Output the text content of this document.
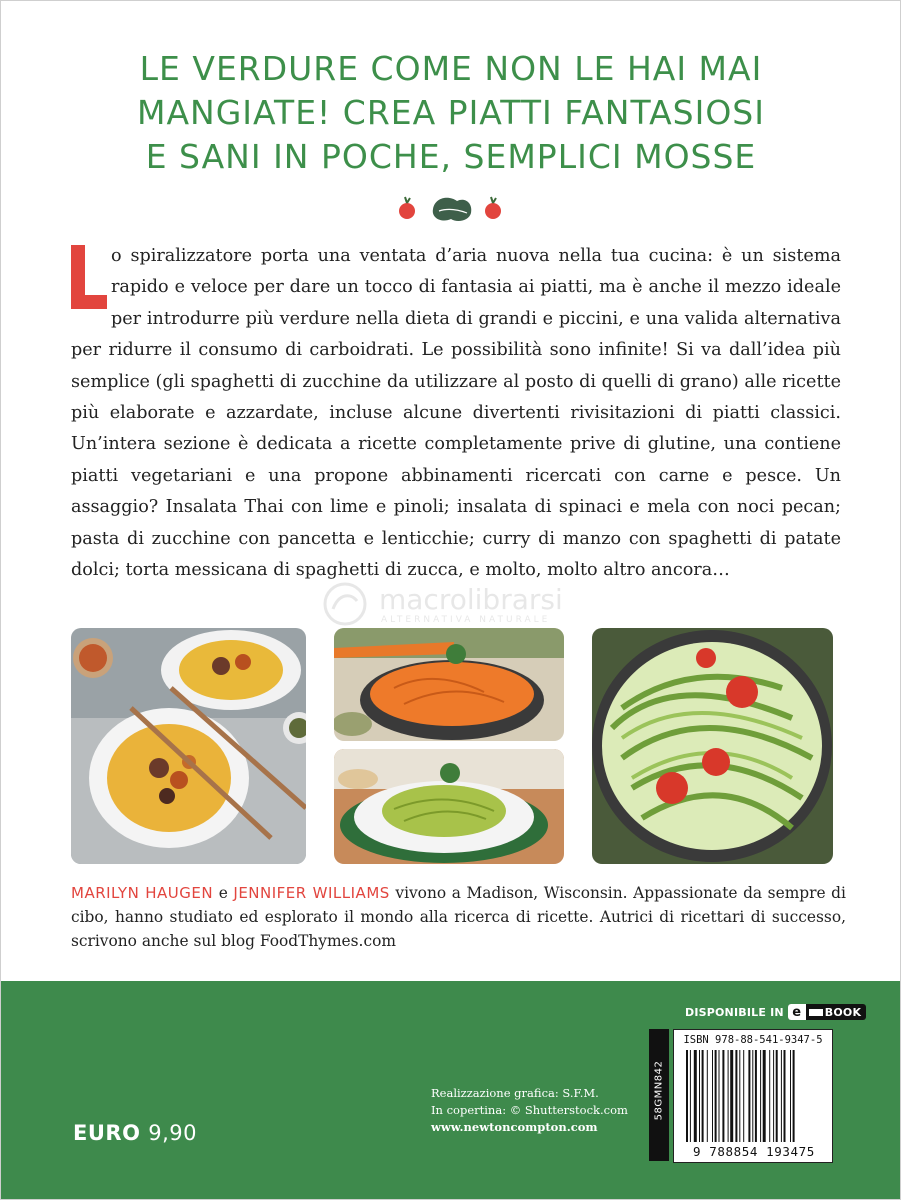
LE VERDURE COME NON LE HAI MAI
MANGIATE! CREA PIATTI FANTASIOSI
E SANI IN POCHE, SEMPLICI MOSSE
o spiralizzatore porta una ventata d’aria nuova nella tua cucina: è un sistema rapido e veloce per dare un tocco di fantasia ai piatti, ma è anche il mezzo ideale per introdurre più verdure nella dieta di grandi e piccini, e una valida alternativa per ridurre il consumo di carboidrati. Le possibilità sono infinite! Si va dall’idea più semplice (gli spaghetti di zucchine da utilizzare al posto di quelli di grano) alle ricette più elaborate e azzardate, incluse alcune divertenti rivisitazioni di piatti classici. Un’intera sezione è dedicata a ricette completamente prive di glutine, una contiene piatti vegetariani e una propone abbinamenti ricercati con carne e pesce. Un assaggio? Insalata Thai con lime e pinoli; insalata di spinaci e mela con noci pecan; pasta di zucchine con pancetta e lenticchie; curry di manzo con spaghetti di patate dolci; torta messicana di spaghetti di zucca, e molto, molto altro ancora…
macrolibrarsi
ALTERNATIVA NATURALE
MARILYN HAUGEN e JENNIFER WILLIAMS vivono a Madison, Wisconsin. Appassionate da sempre di cibo, hanno studiato ed esplorato il mondo alla ricerca di ricette. Autrici di ricettari di successo, scrivono anche sul blog FoodThymes.com
DISPONIBILE IN e	BOOK
58GMN842
ISBN 978-88-541-9347-5
9 788854 193475
Realizzazione grafica: S.F.M.
In copertina: © Shutterstock.com
www.newtoncompton.com
EURO 9,90
